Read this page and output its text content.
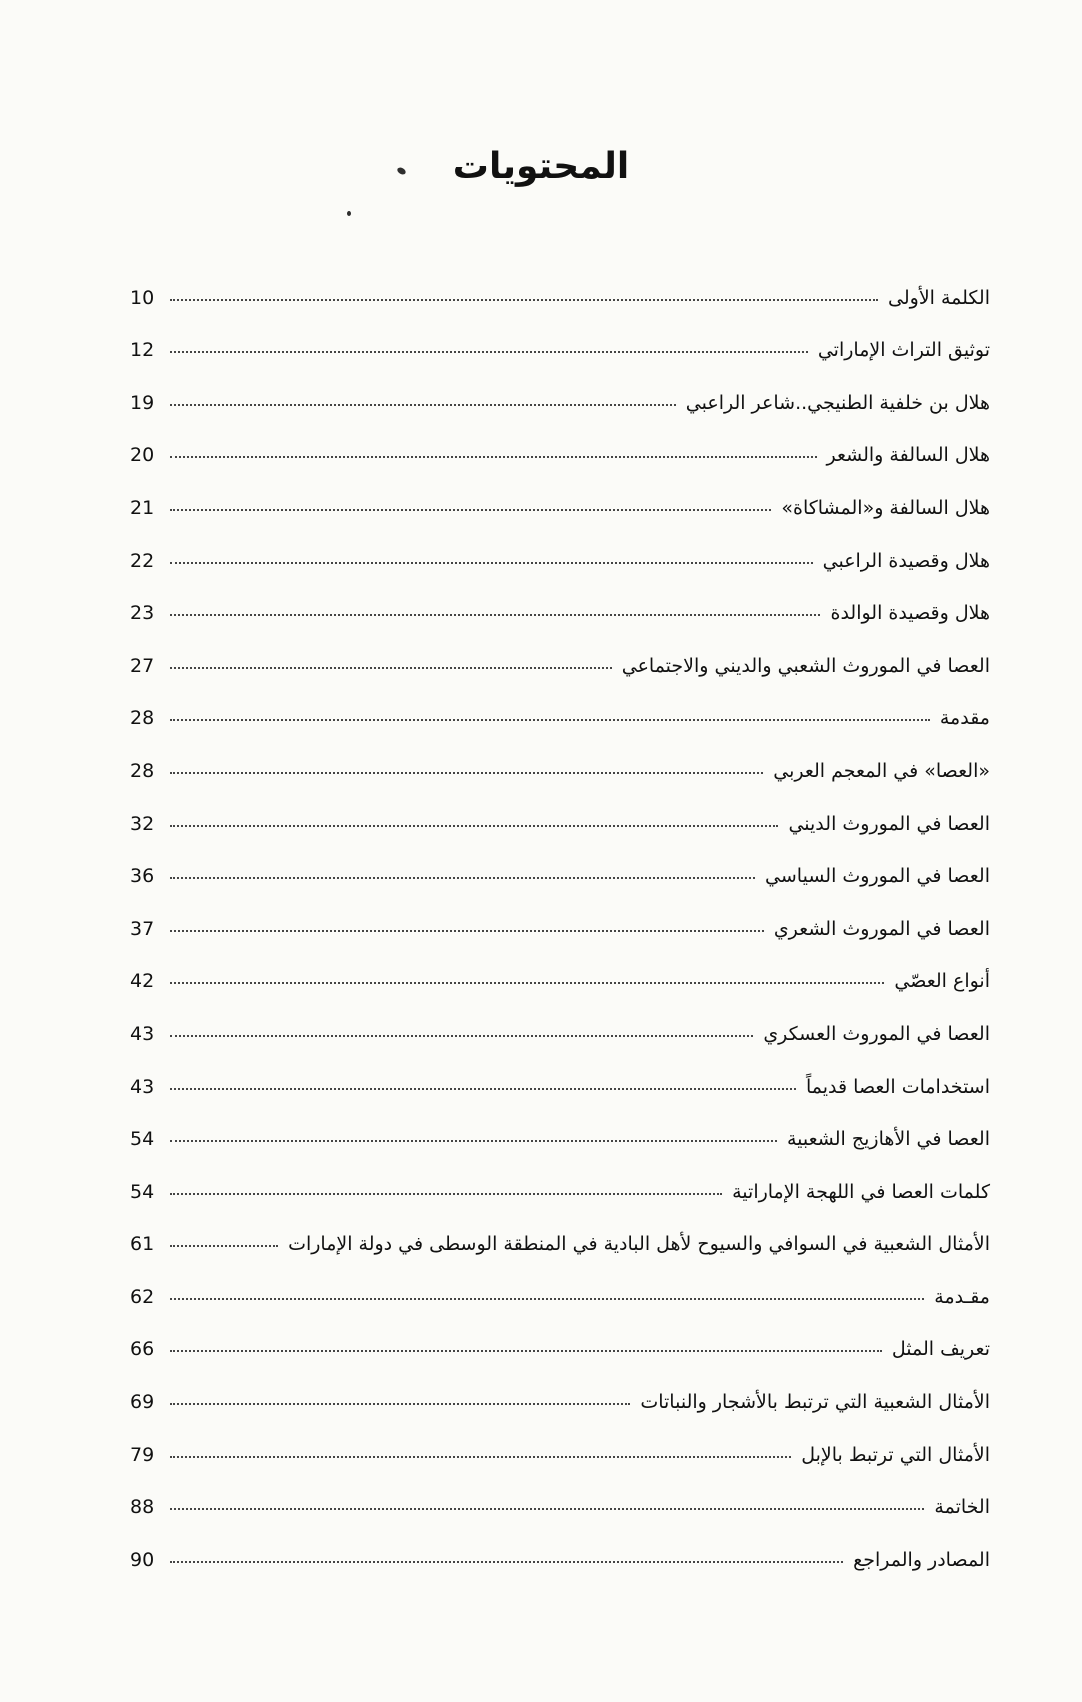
المحتويات
الكلمة الأولى
10
توثيق التراث الإماراتي
12
هلال بن خلفية الطنيجي..شاعر الراعبي
19
هلال السالفة والشعر
20
هلال السالفة و«المشاكاة»
21
هلال وقصيدة الراعبي
22
هلال وقصيدة الوالدة
23
العصا في الموروث الشعبي والديني والاجتماعي
27
مقدمة
28
«العصا» في المعجم العربي
28
العصا في الموروث الديني
32
العصا في الموروث السياسي
36
العصا في الموروث الشعري
37
أنواع العصّي
42
العصا في الموروث العسكري
43
استخدامات العصا قديماً
43
العصا في الأهازيج الشعبية
54
كلمات العصا في اللهجة الإماراتية
54
الأمثال الشعبية في السوافي والسيوح لأهل البادية في المنطقة الوسطى في دولة الإمارات
61
مقـدمة
62
تعريف المثل
66
الأمثال الشعبية التي ترتبط بالأشجار والنباتات
69
الأمثال التي ترتبط بالإبل
79
الخاتمة
88
المصادر والمراجع
90
